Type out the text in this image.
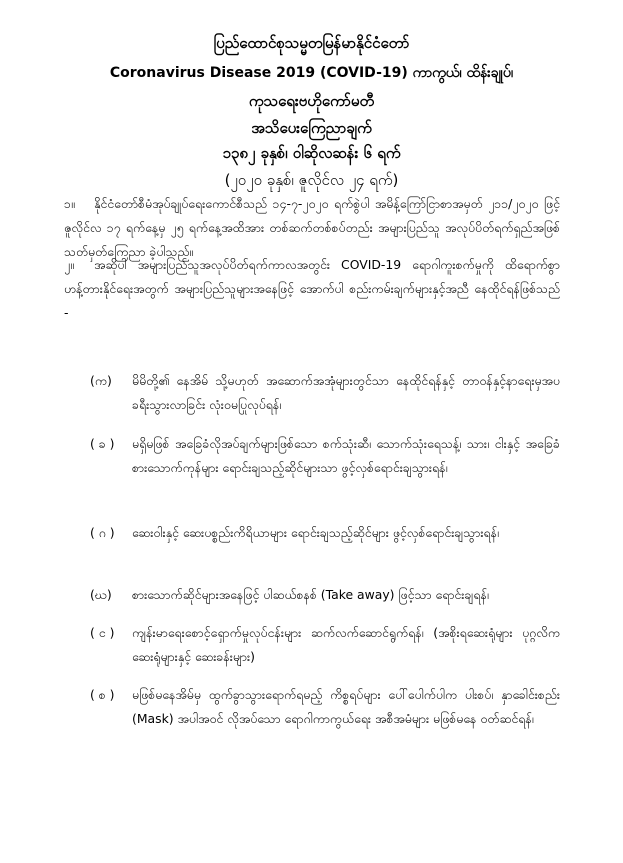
ပြည်ထောင်စုသမ္မတမြန်မာနိုင်ငံတော်
Coronavirus Disease 2019 (COVID-19) ကာကွယ်၊ ထိန်းချုပ်၊
ကုသရေးဗဟိုကော်မတီ
အသိပေးကြေညာချက်
၁၃၈၂ ခုနှစ်၊ ဝါဆိုလဆန်း ၆ ရက်
(၂၀၂၀ ခုနှစ်၊ ဇူလိုင်လ ၂၄ ရက်)
၁။ နိုင်ငံတော်စီမံအုပ်ချုပ်ရေးကောင်စီသည် ၁၄-၇-၂၀၂၀ ရက်စွဲပါ အမိန့်ကြော်ငြာစာအမှတ် ၂၁၁/၂၀၂၀ ဖြင့် ဇူလိုင်လ ၁၇ ရက်နေ့မှ ၂၅ ရက်နေ့အထိအား တစ်ဆက်တစ်စပ်တည်း အများပြည်သူ အလုပ်ပိတ်ရက်ရှည်အဖြစ် သတ်မှတ်ကြေညာ ခဲ့ပါသည်။
၂။ အဆိုပါ အများပြည်သူအလုပ်ပိတ်ရက်ကာလအတွင်း COVID-19 ရောဂါကူးစက်မှုကို ထိရောက်စွာ ဟန့်တားနိုင်ရေးအတွက် အများပြည်သူများအနေဖြင့် အောက်ပါ စည်းကမ်းချက်များနှင့်အညီ နေထိုင်ရန်ဖြစ်သည် -
(က)	မိမိတို့၏ နေအိမ် သို့မဟုတ် အဆောက်အအုံများတွင်သာ နေထိုင်ရန်နှင့် တာဝန်နှင့်နာရေးမှအပ ခရီးသွားလာခြင်း လုံးဝမပြုလုပ်ရန်၊
( ခ )	မရှိမဖြစ် အခြေခံလိုအပ်ချက်များဖြစ်သော စက်သုံးဆီ၊ သောက်သုံးရေသန့်၊ သား၊ ငါးနှင့် အခြေခံစားသောက်ကုန်များ ရောင်းချသည့်ဆိုင်များသာ ဖွင့်လှစ်ရောင်းချသွားရန်၊
( ဂ )	ဆေးဝါးနှင့် ဆေးပစ္စည်းကိရိယာများ ရောင်းချသည့်ဆိုင်များ ဖွင့်လှစ်ရောင်းချသွားရန်၊
(ဃ)	စားသောက်ဆိုင်များအနေဖြင့် ပါဆယ်စနစ် (Take away) ဖြင့်သာ ရောင်းချရန်၊
( င )	ကျန်းမာရေးစောင့်ရှောက်မှုလုပ်ငန်းများ ဆက်လက်ဆောင်ရွက်ရန်၊ (အစိုးရဆေးရုံများ ပုဂ္ဂလိကဆေးရုံများနှင့် ဆေးခန်းများ)
( စ )	မဖြစ်မနေအိမ်မှ ထွက်ခွာသွားရောက်ရမည့် ကိစ္စရပ်များ ပေါ်ပေါက်ပါက ပါးစပ်၊ နှာခေါင်းစည်း (Mask) အပါအဝင် လိုအပ်သော ရောဂါကာကွယ်ရေး အစီအမံများ မဖြစ်မနေ ဝတ်ဆင်ရန်၊
